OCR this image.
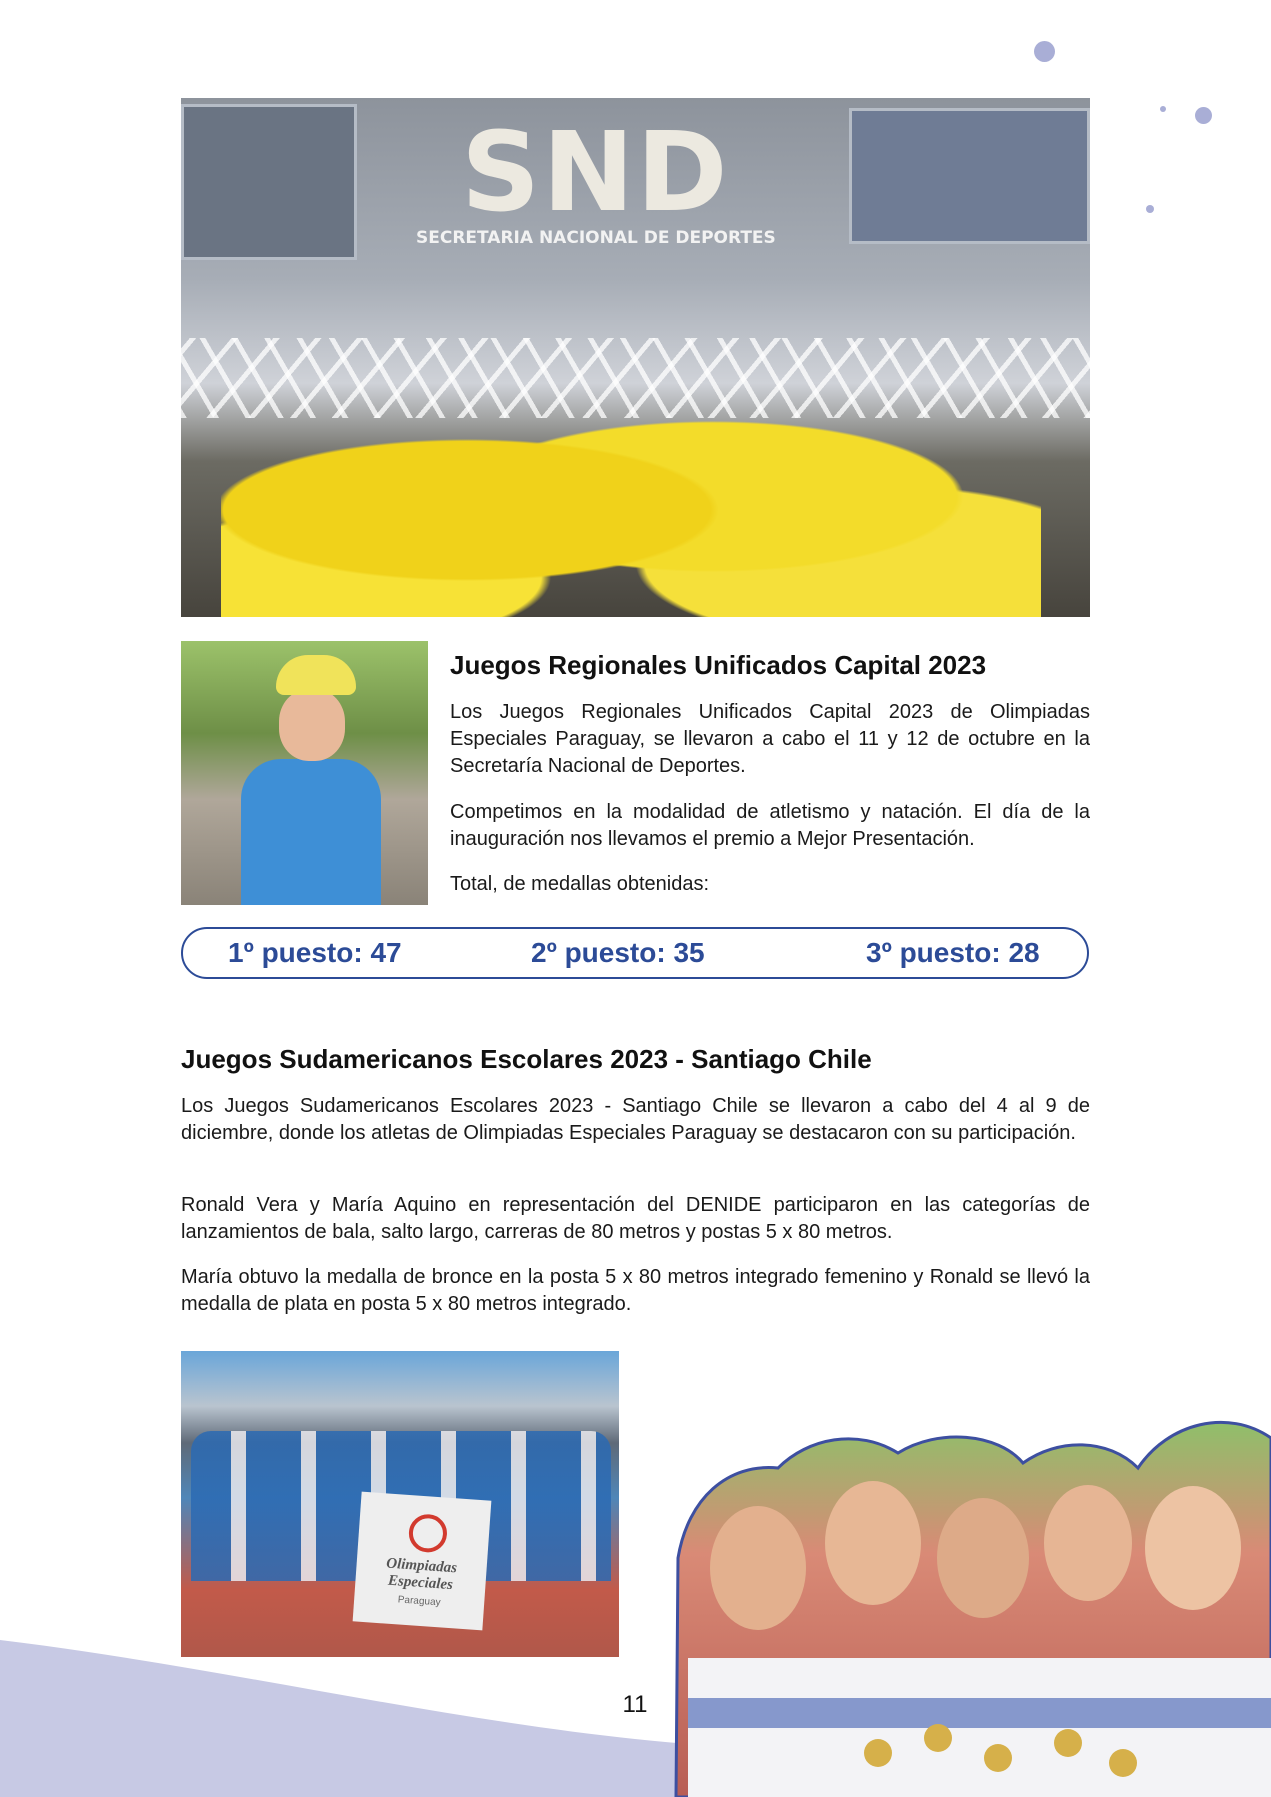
SND
SECRETARIA NACIONAL DE DEPORTES
Juegos Regionales Unificados Capital 2023

Los Juegos Regionales Unificados Capital 2023 de Olimpiadas Especiales Paraguay, se llevaron a cabo el 11 y 12 de octubre en la Secretaría Nacional de Deportes.

Competimos en la modalidad de atletismo y natación. El día de la inauguración nos llevamos el premio a Mejor Presentación.

Total, de medallas obtenidas:

1º puesto: 47	2º puesto: 35	3º puesto: 28
Juegos Sudamericanos Escolares 2023 - Santiago Chile

Los Juegos Sudamericanos Escolares 2023 - Santiago Chile se llevaron a cabo del 4 al 9 de diciembre, donde los atletas de Olimpiadas Especiales Paraguay se destacaron con su participación.

Ronald Vera y María Aquino en representación del DENIDE participaron en las categorías de lanzamientos de bala, salto largo, carreras de 80 metros y postas 5 x 80 metros.

María obtuvo la medalla de bronce en la posta 5 x 80 metros integrado femenino y Ronald se llevó la medalla de plata en posta 5 x 80 metros integrado.

Olimpiadas Especiales
Paraguay
11
